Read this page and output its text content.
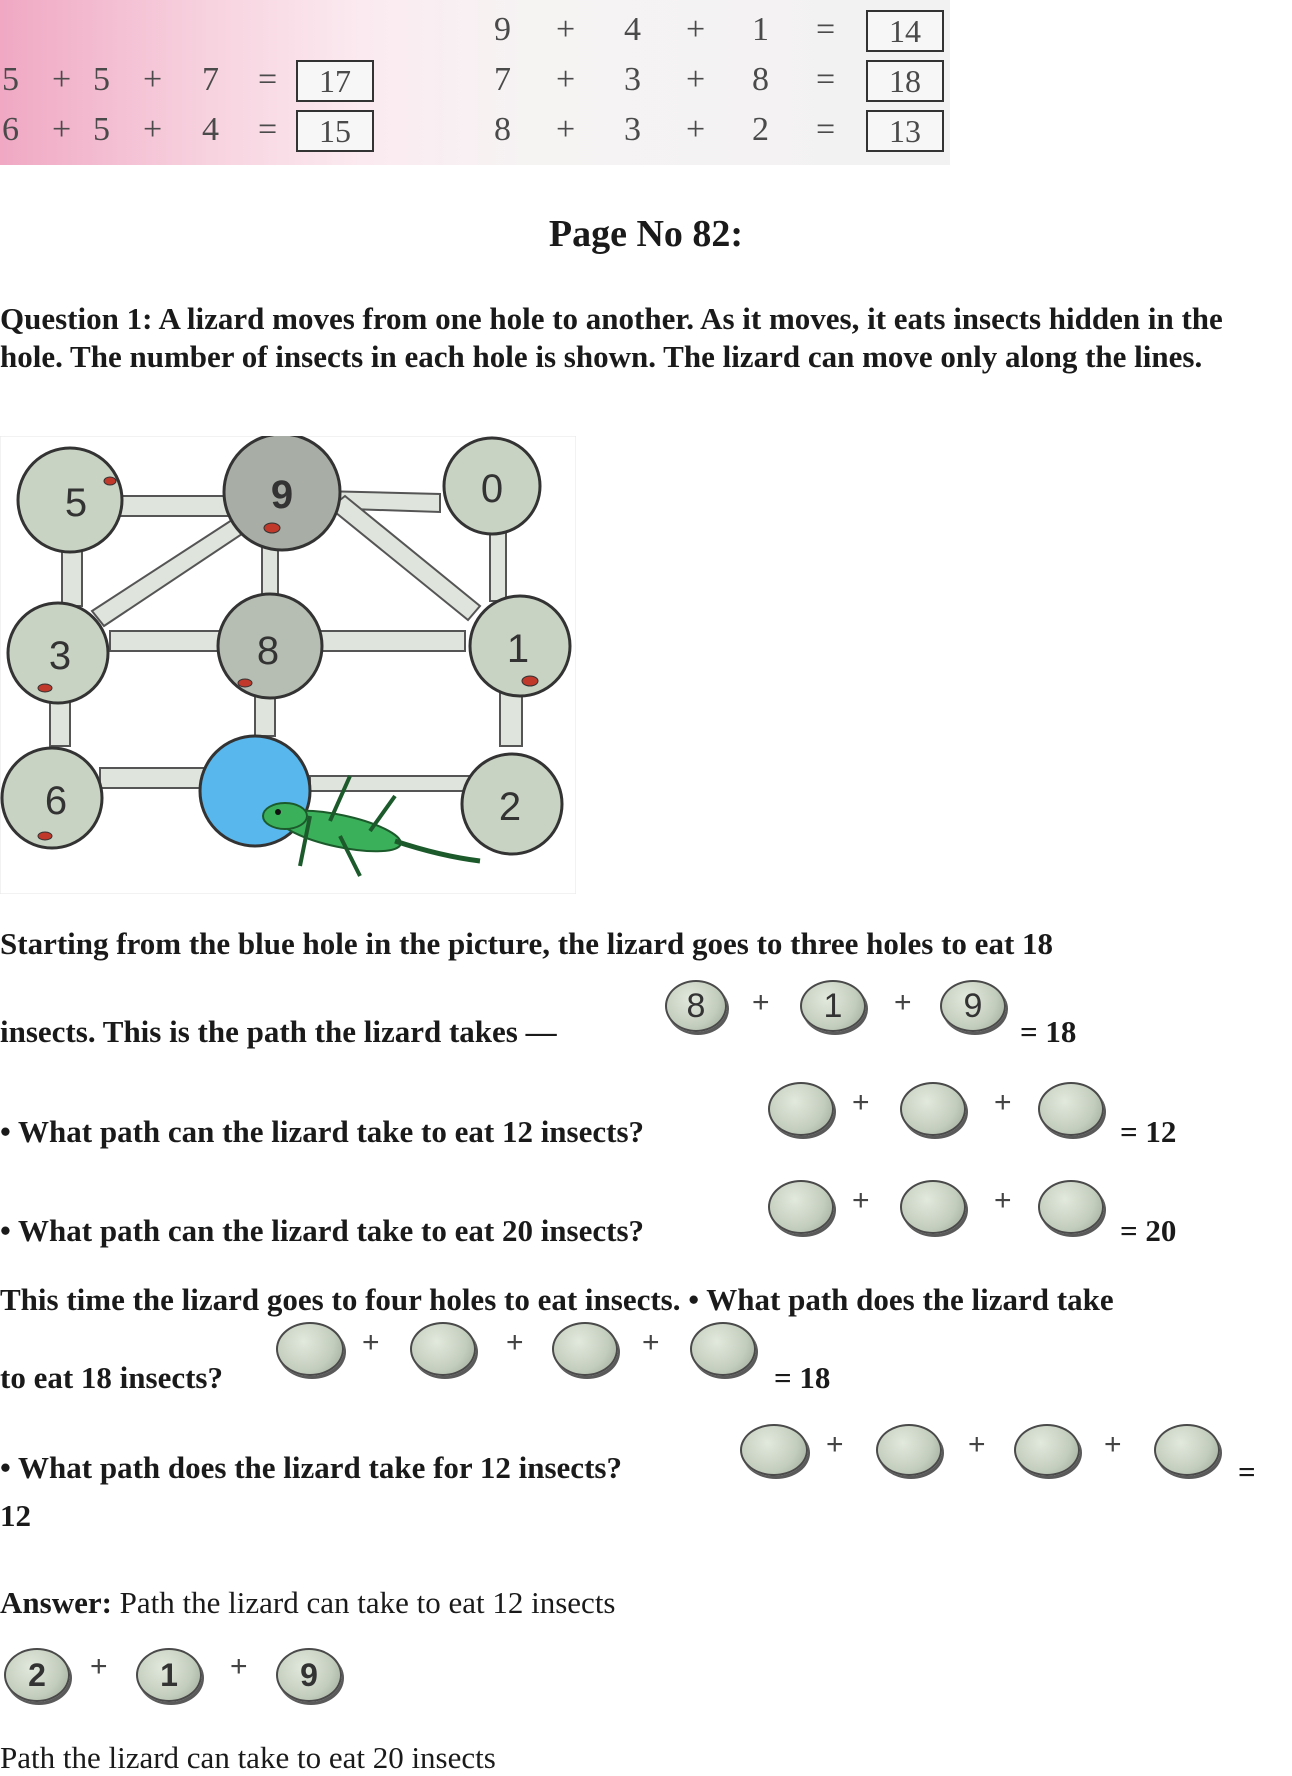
5 + 5 + 7 =	17
6 + 5 + 4 =	15
9 + 4 + 1 =	14
7 + 3 + 8 =	18
8 + 3 + 2 =	13
Page No 82:
Question 1: A lizard moves from one hole to another. As it moves, it eats insects hidden in the hole. The number of insects in each hole is shown. The lizard can move only along the lines.
5	9	0
3	8	1
6	2
Starting from the blue hole in the picture, the lizard goes to three holes to eat 18
insects. This is the path the lizard takes —
8	+	1	+	9
= 18
• What path can the lizard take to eat 12 insects?
+	+
= 12
• What path can the lizard take to eat 20 insects?
+	+
= 20
This time the lizard goes to four holes to eat insects. • What path does the lizard take
to eat 18 insects?
+	+	+
= 18
• What path does the lizard take for 12 insects?
+	+	+
=
12
Answer: Path the lizard can take to eat 12 insects
2	+	1	+	9
Path the lizard can take to eat 20 insects
